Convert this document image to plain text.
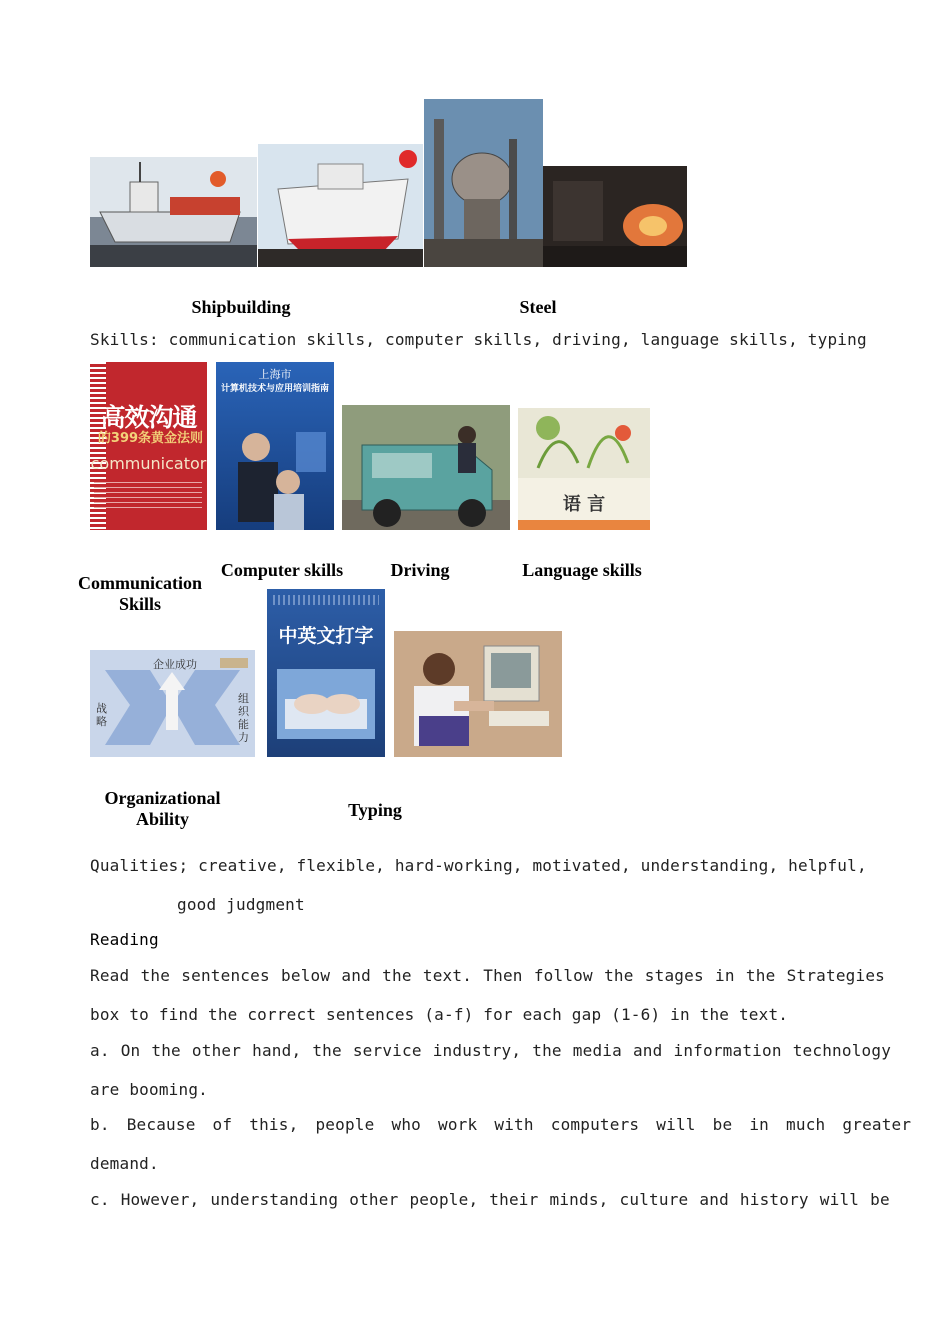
Shipbuilding	Steel
Skills: communication skills, computer skills, driving, language skills, typing
高效沟通
的399条黄金法则
communicator
上海市
计算机技术与应用培训指南
语 言
Communication Skills
Computer skills	Driving	Language skills
企业成功
战略
组织能力
中英文打字
Organizational Ability	Typing
Qualities; creative, flexible, hard-working, motivated, understanding, helpful,
good judgment
Reading
Read the sentences below and the text. Then follow the stages in the Strategies
box to find the correct sentences (a-f) for each gap (1-6) in the text.
a. On the other hand, the service industry, the media and information technology
are booming.
b. Because of this, people who work with computers will be in much greater
demand.
c. However, understanding other people, their minds, culture and history will be
